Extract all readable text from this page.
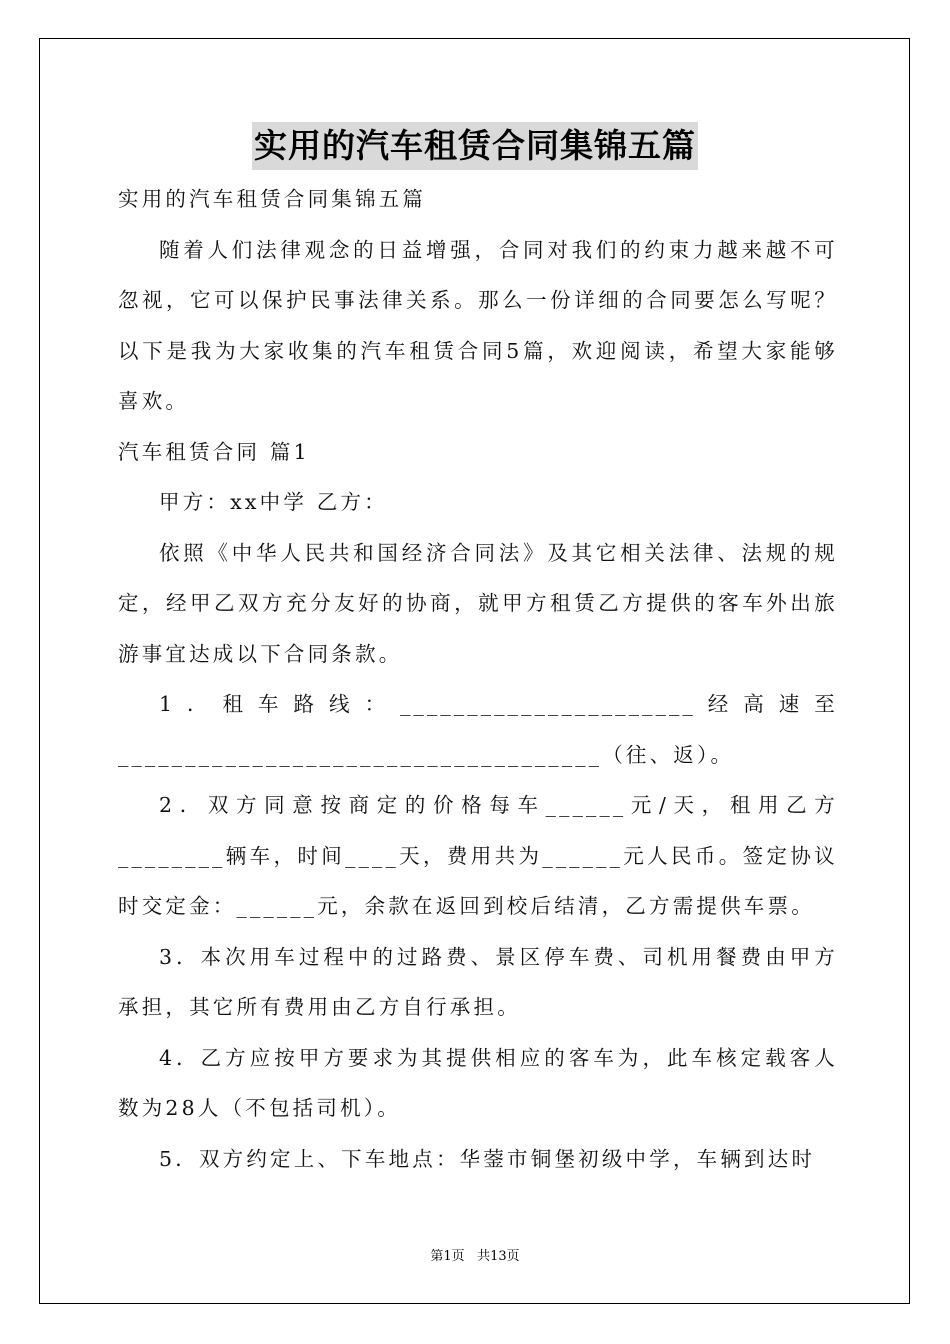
实用的汽车租赁合同集锦五篇

实用的汽车租赁合同集锦五篇

随着人们法律观念的日益增强，合同对我们的约束力越来越不可忽视，它可以保护民事法律关系。那么一份详细的合同要怎么写呢？以下是我为大家收集的汽车租赁合同5篇，欢迎阅读，希望大家能够喜欢。

汽车租赁合同 篇1

甲方：xx中学 乙方：

依照《中华人民共和国经济合同法》及其它相关法律、法规的规定，经甲乙双方充分友好的协商，就甲方租赁乙方提供的客车外出旅游事宜达成以下合同条款。

1．租车路线：______________________经高速至____________________________________（往、返）。

2．双方同意按商定的价格每车______元/天，租用乙方________辆车，时间____天，费用共为______元人民币。签定协议时交定金：______元，余款在返回到校后结清，乙方需提供车票。

3．本次用车过程中的过路费、景区停车费、司机用餐费由甲方承担，其它所有费用由乙方自行承担。

4．乙方应按甲方要求为其提供相应的客车为，此车核定载客人数为28人（不包括司机）。

5．双方约定上、下车地点：华蓥市铜堡初级中学，车辆到达时

第1页 共13页
